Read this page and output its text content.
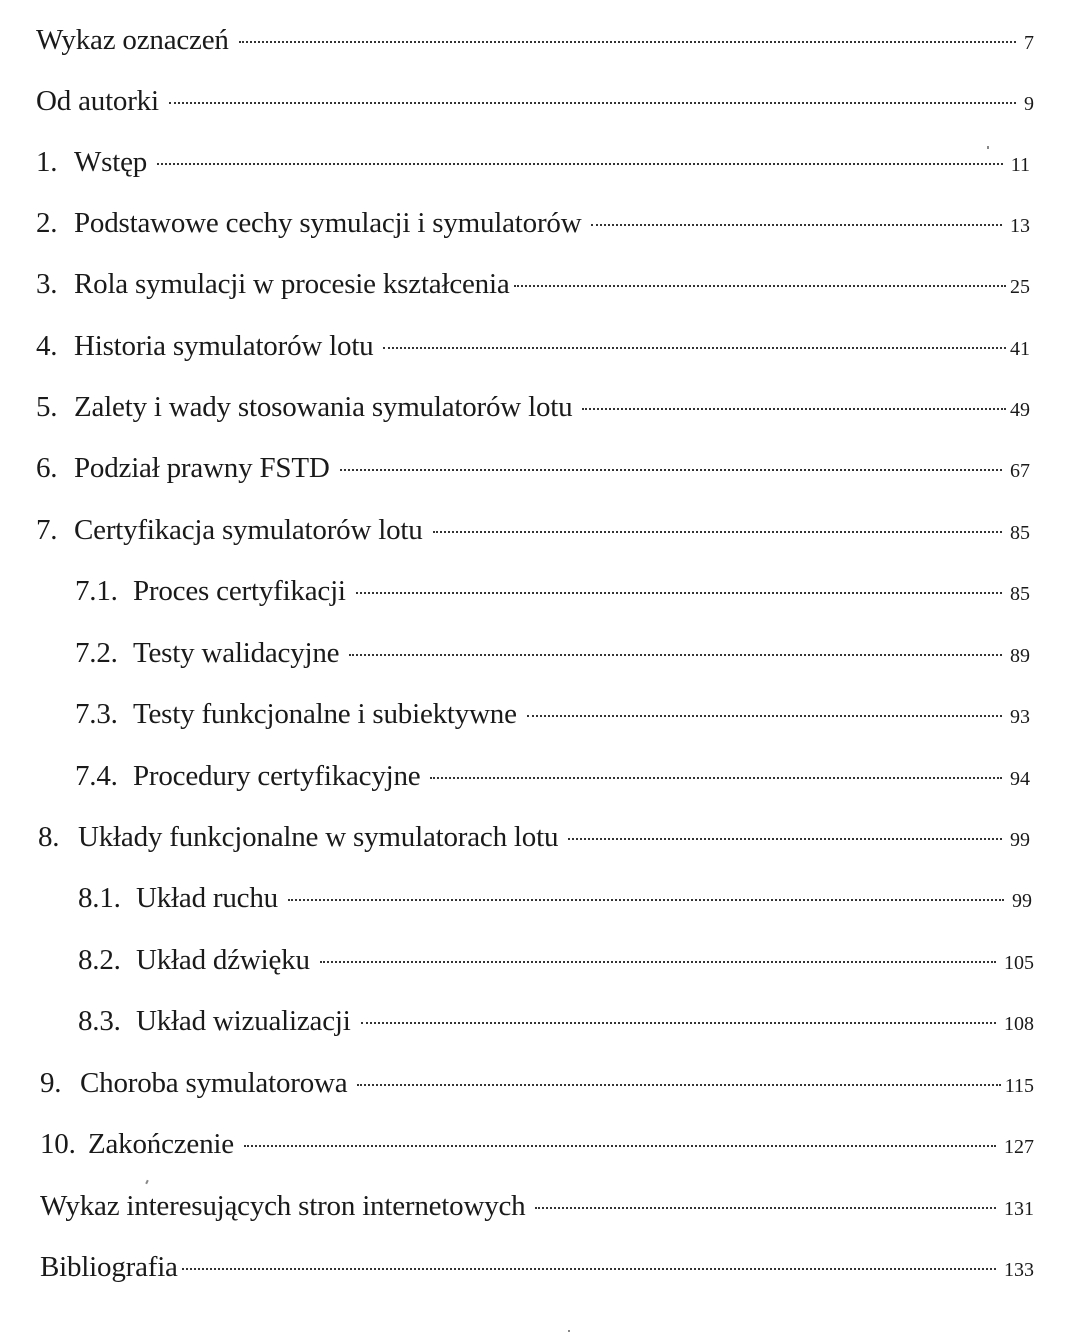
Wykaz oznaczeń	7
Od autorki	9
1. Wstęp	11
2. Podstawowe cechy symulacji i symulatorów	13
3. Rola symulacji w procesie kształcenia	25
4. Historia symulatorów lotu	41
5. Zalety i wady stosowania symulatorów lotu	49
6. Podział prawny FSTD	67
7. Certyfikacja symulatorów lotu	85
7.1. Proces certyfikacji	85
7.2. Testy walidacyjne	89
7.3. Testy funkcjonalne i subiektywne	93
7.4. Procedury certyfikacyjne	94
8. Układy funkcjonalne w symulatorach lotu	99
8.1. Układ ruchu	99
8.2. Układ dźwięku	105
8.3. Układ wizualizacji	108
9. Choroba symulatorowa	115
10. Zakończenie	127
Wykaz interesujących stron internetowych	131
Bibliografia	133
